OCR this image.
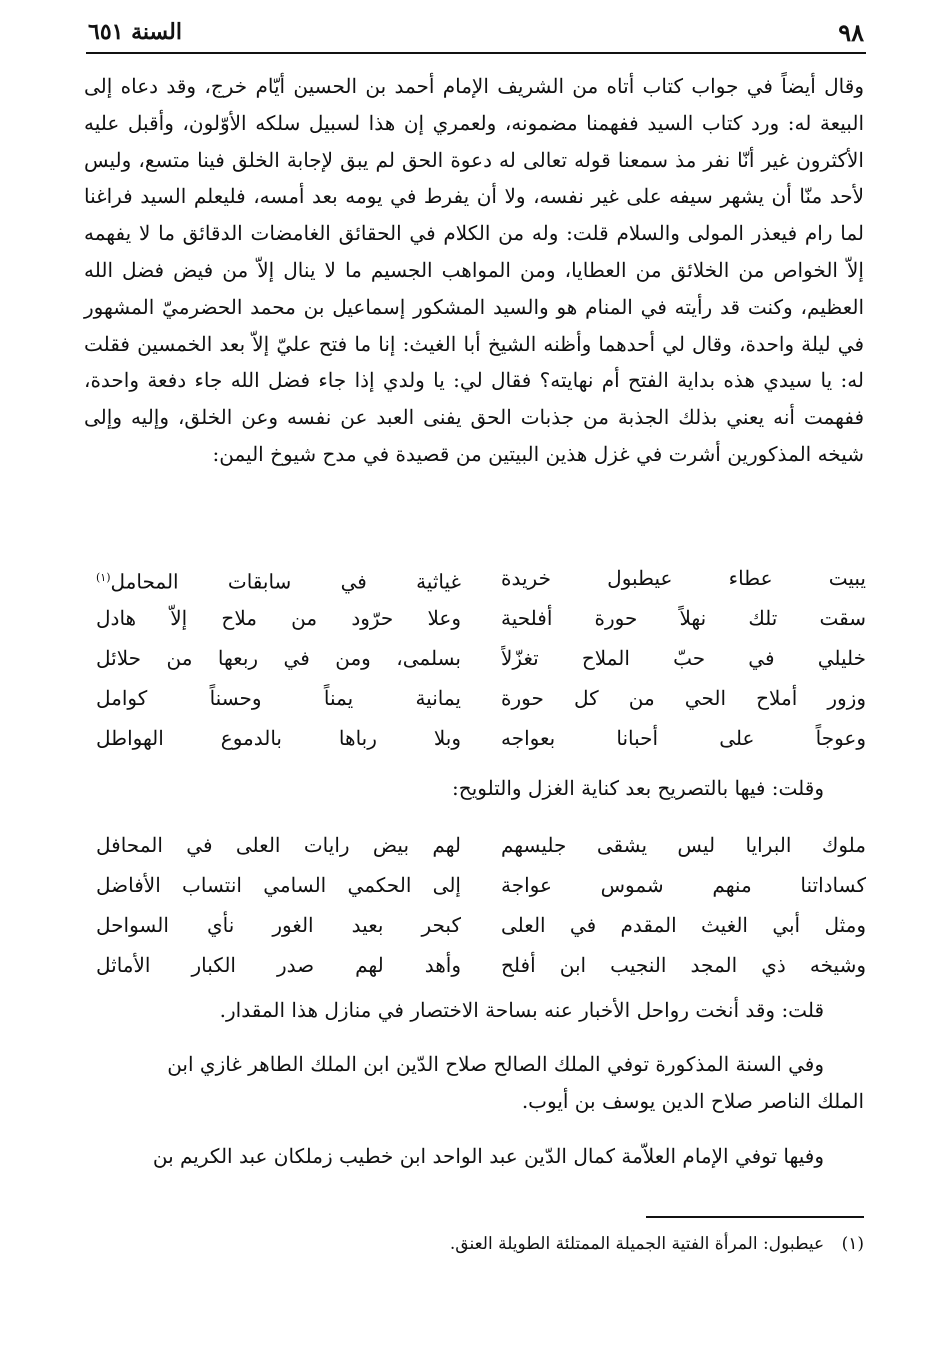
٩٨
السنة ٦٥١
وقال أيضاً في جواب كتاب أتاه من الشريف الإمام أحمد بن الحسين أيّام خرج، وقد دعاه إلى البيعة له: ورد كتاب السيد ففهمنا مضمونه، ولعمري إن هذا لسبيل سلكه الأوّلون، وأقبل عليه الأكثرون غير أنّا نفر مذ سمعنا قوله تعالى له دعوة الحق لم يبق لإجابة الخلق فينا متسع، وليس لأحد منّا أن يشهر سيفه على غير نفسه، ولا أن يفرط في يومه بعد أمسه، فليعلم السيد فراغنا لما رام فيعذر المولى والسلام قلت: وله من الكلام في الحقائق الغامضات الدقائق ما لا يفهمه إلاّ الخواص من الخلائق من العطايا، ومن المواهب الجسيم ما لا ينال إلاّ من فيض فضل الله العظيم، وكنت قد رأيته في المنام هو والسيد المشكور إسماعيل بن محمد الحضرميّ المشهور في ليلة واحدة، وقال لي أحدهما وأظنه الشيخ أبا الغيث: إنا ما فتح عليّ إلاّ بعد الخمسين فقلت له: يا سيدي هذه بداية الفتح أم نهايته؟ فقال لي: يا ولدي إذا جاء فضل الله جاء دفعة واحدة، ففهمت أنه يعني بذلك الجذبة من جذبات الحق يفنى العبد عن نفسه وعن الخلق، وإليه وإلى شيخه المذكورين أشرت في غزل هذين البيتين من قصيدة في مدح شيوخ اليمن:
يبيت عطاء عيطبول خريدة
غياثية في سابقات المحامل$^{(١)}$
سقت تلك نهلاً حورة أفلحية
وعلا حرّود من ملاح إلاّ هادل
خليلي في حبّ الملاح تغزّلاً
بسلمى، ومن في ربعها من حلائل
وزور أملاح الحي من كل حورة
يمانية يمناً وحسناً كوامل
وعوجاً على أحبانا بعواجه
وبلا رباها بالدموع الهواطل

وقلت: فيها بالتصريح بعد كناية الغزل والتلويح:

ملوك البرايا ليس يشقى جليسهم
لهم بيض رايات العلى في المحافل
كساداتنا منهم شموس عواجة
إلى الحكمي السامي انتساب الأفاضل
ومثل أبي الغيث المقدم في العلى
كبحر بعيد الغور نأي السواحل
وشيخه ذي المجد النجيب ابن أفلح
وأهد لهم صدر الكبار الأماثل

قلت: وقد أنخت رواحل الأخبار عنه بساحة الاختصار في منازل هذا المقدار.

وفي السنة المذكورة توفي الملك الصالح صلاح الدّين ابن الملك الطاهر غازي ابن
الملك الناصر صلاح الدين يوسف بن أيوب.

وفيها توفي الإمام العلاّمة كمال الدّين عبد الواحد ابن خطيب زملكان عبد الكريم بن

(١) عيطبول: المرأة الفتية الجميلة الممتلئة الطويلة العنق.
